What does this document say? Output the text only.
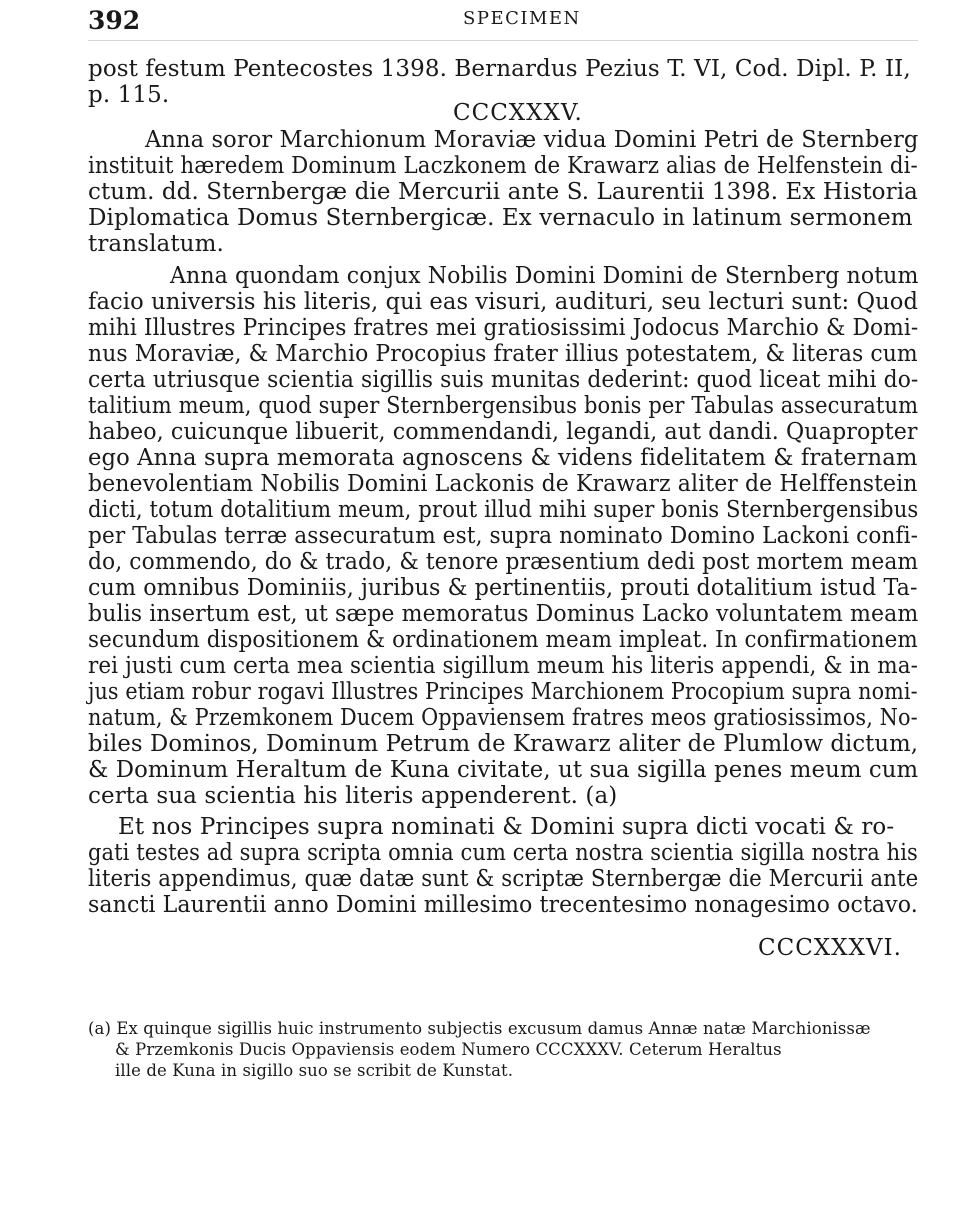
392	SPECIMEN
post festum Pentecostes 1398. Bernardus Pezius T. VI, Cod. Dipl. P. II,
p. 115.
CCCXXXV.
Anna soror Marchionum Moraviæ vidua Domini Petri de Sternberg
instituit hæredem Dominum Laczkonem de Krawarz alias de Helfenstein di-
ctum. dd. Sternbergæ die Mercurii ante S. Laurentii 1398. Ex Historia
Diplomatica Domus Sternbergicæ. Ex vernaculo in latinum sermonem
translatum.
Anna quondam conjux Nobilis Domini Domini de Sternberg notum
facio universis his literis, qui eas visuri, audituri, seu lecturi sunt: Quod
mihi Illustres Principes fratres mei gratiosissimi Jodocus Marchio & Domi-
nus Moraviæ, & Marchio Procopius frater illius potestatem, & literas cum
certa utriusque scientia sigillis suis munitas dederint: quod liceat mihi do-
talitium meum, quod super Sternbergensibus bonis per Tabulas assecuratum
habeo, cuicunque libuerit, commendandi, legandi, aut dandi. Quapropter
ego Anna supra memorata agnoscens & videns fidelitatem & fraternam
benevolentiam Nobilis Domini Lackonis de Krawarz aliter de Helffenstein
dicti, totum dotalitium meum, prout illud mihi super bonis Sternbergensibus
per Tabulas terræ assecuratum est, supra nominato Domino Lackoni confi-
do, commendo, do & trado, & tenore præsentium dedi post mortem meam
cum omnibus Dominiis, juribus & pertinentiis, prouti dotalitium istud Ta-
bulis insertum est, ut sæpe memoratus Dominus Lacko voluntatem meam
secundum dispositionem & ordinationem meam impleat. In confirmationem
rei justi cum certa mea scientia sigillum meum his literis appendi, & in ma-
jus etiam robur rogavi Illustres Principes Marchionem Procopium supra nomi-
natum, & Przemkonem Ducem Oppaviensem fratres meos gratiosissimos, No-
biles Dominos, Dominum Petrum de Krawarz aliter de Plumlow dictum,
& Dominum Heraltum de Kuna civitate, ut sua sigilla penes meum cum
certa sua scientia his literis appenderent. (a)
Et nos Principes supra nominati & Domini supra dicti vocati & ro-
gati testes ad supra scripta omnia cum certa nostra scientia sigilla nostra his
literis appendimus, quæ datæ sunt & scriptæ Sternbergæ die Mercurii ante
sancti Laurentii anno Domini millesimo trecentesimo nonagesimo octavo.
CCCXXXVI.
(a) Ex quinque sigillis huic instrumento subjectis excusum damus Annæ natæ Marchionissæ
& Przemkonis Ducis Oppaviensis eodem Numero CCCXXXV. Ceterum Heraltus
ille de Kuna in sigillo suo se scribit de Kunstat.
